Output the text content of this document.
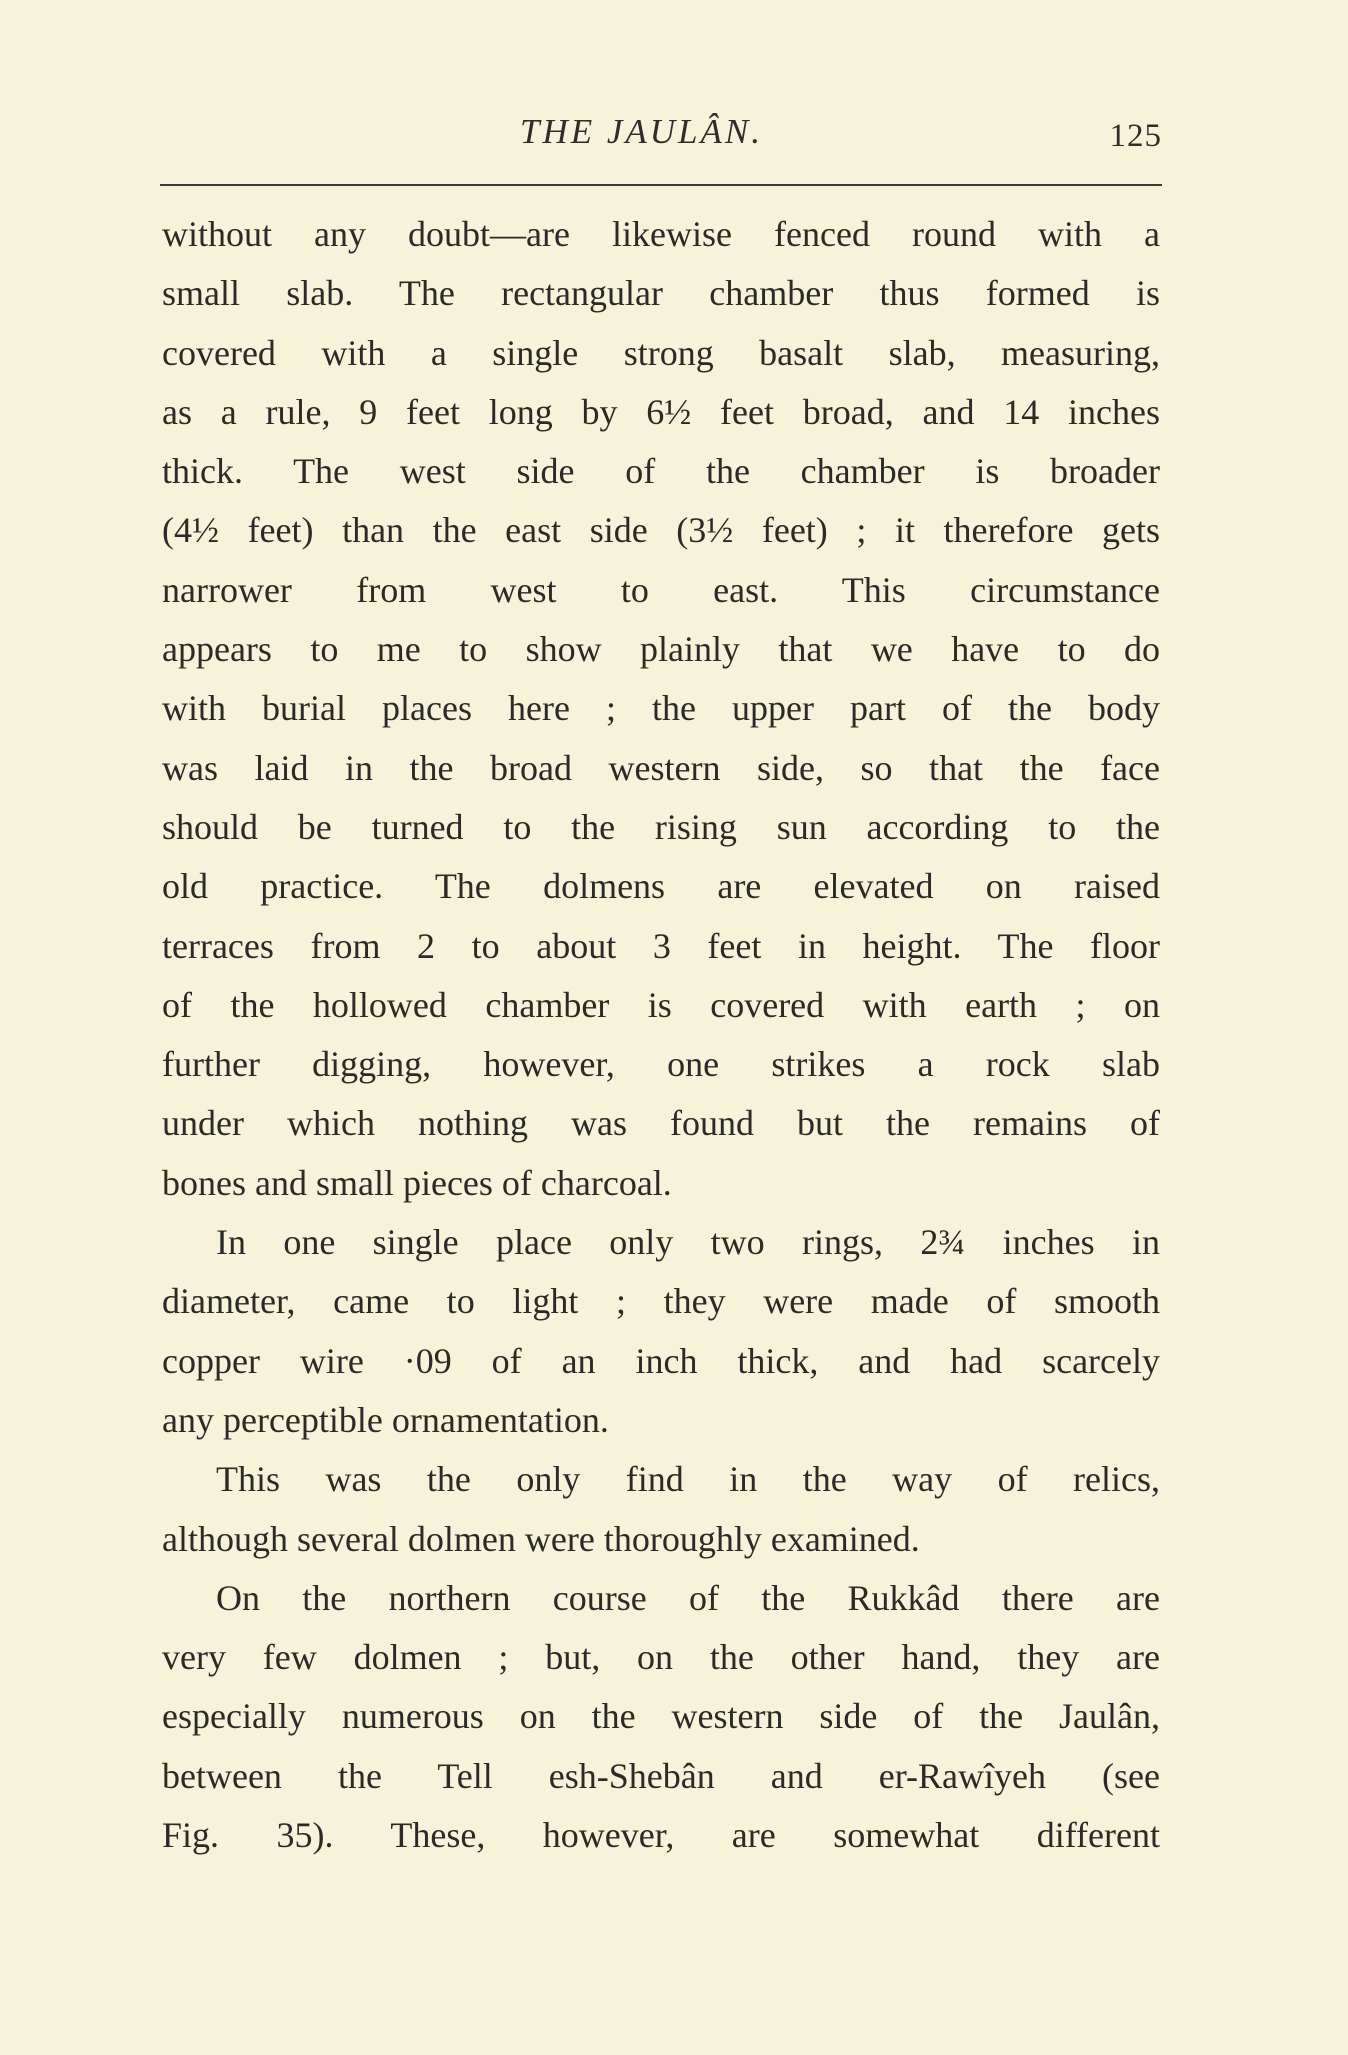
THE JAULÂN.	125
without any doubt—are likewise fenced round with a
small slab. The rectangular chamber thus formed is
covered with a single strong basalt slab, measuring,
as a rule, 9 feet long by 6½ feet broad, and 14 inches
thick. The west side of the chamber is broader
(4½ feet) than the east side (3½ feet) ; it therefore gets
narrower from west to east. This circumstance
appears to me to show plainly that we have to do
with burial places here ; the upper part of the body
was laid in the broad western side, so that the face
should be turned to the rising sun according to the
old practice. The dolmens are elevated on raised
terraces from 2 to about 3 feet in height. The floor
of the hollowed chamber is covered with earth ; on
further digging, however, one strikes a rock slab
under which nothing was found but the remains of
bones and small pieces of charcoal.
In one single place only two rings, 2¾ inches in
diameter, came to light ; they were made of smooth
copper wire ·09 of an inch thick, and had scarcely
any perceptible ornamentation.
This was the only find in the way of relics,
although several dolmen were thoroughly examined.
On the northern course of the Rukkâd there are
very few dolmen ; but, on the other hand, they are
especially numerous on the western side of the Jaulân,
between the Tell esh-Shebân and er-Rawîyeh (see
Fig. 35). These, however, are somewhat different
